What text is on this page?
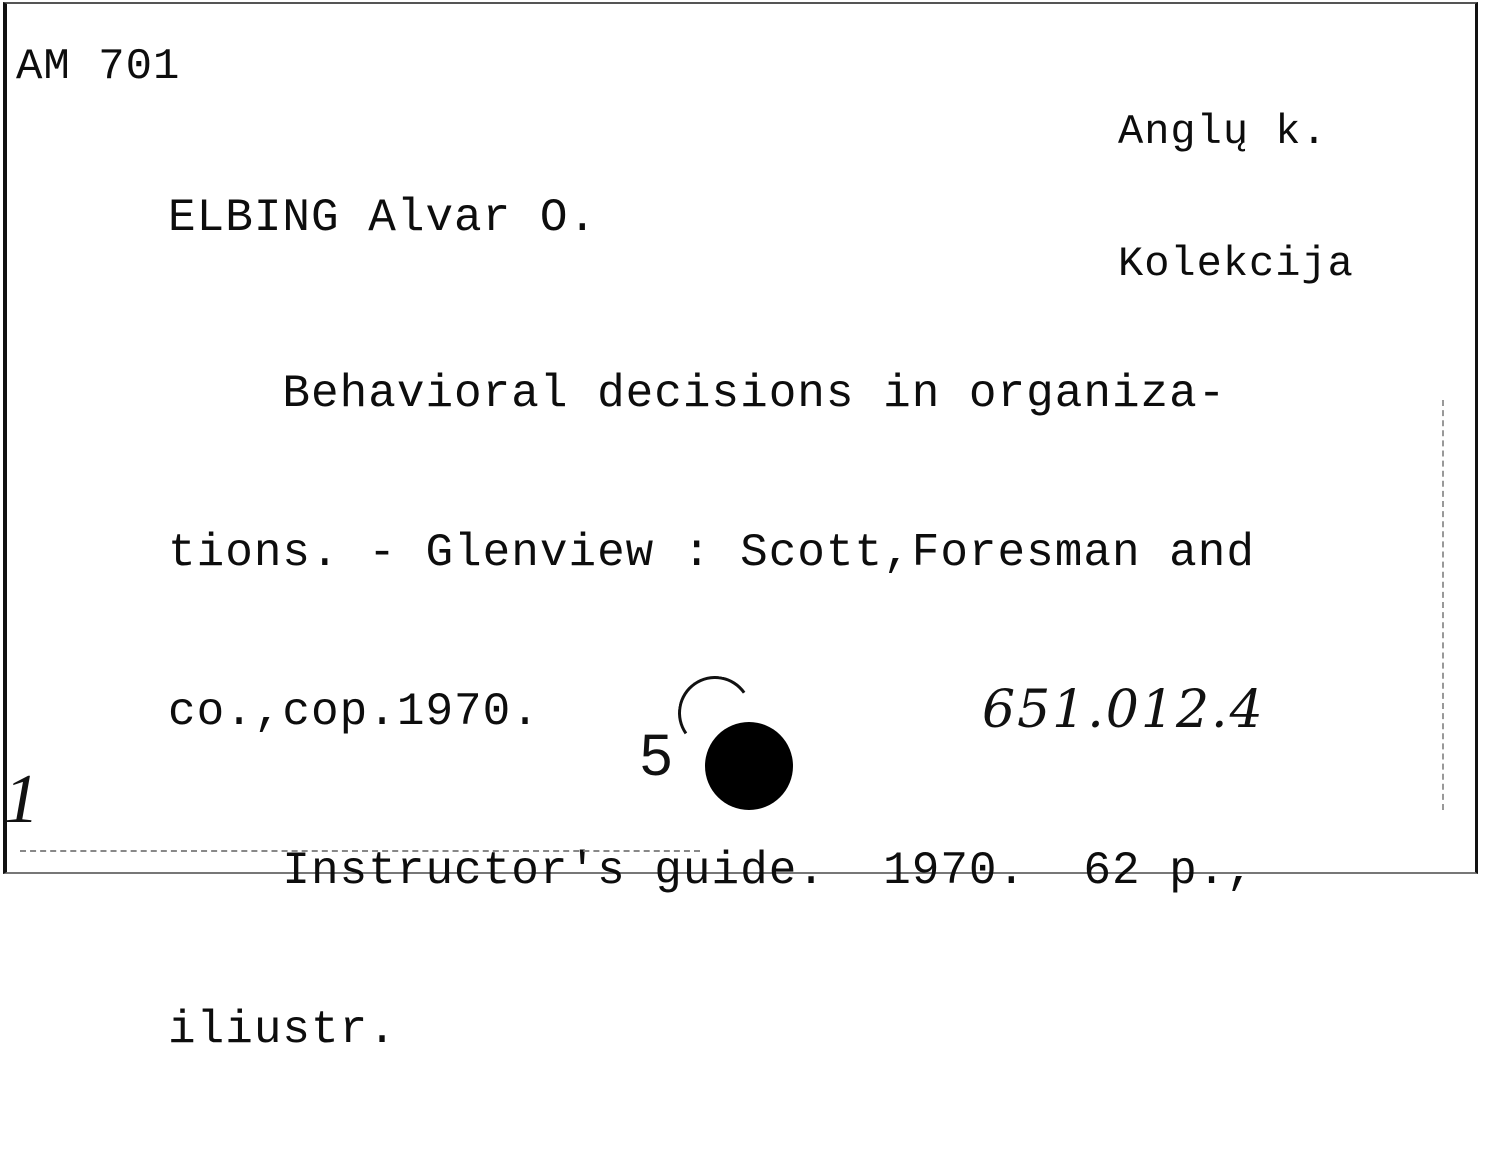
AM 701

Anglų k.

Kolekcija

ELBING Alvar O.

Behavioral decisions in organiza-

tions. - Glenview : Scott,Foresman and

co.,cop.1970.

Instructor's guide.  1970.  62 p.,

iliustr.

5
651.012.4
1
